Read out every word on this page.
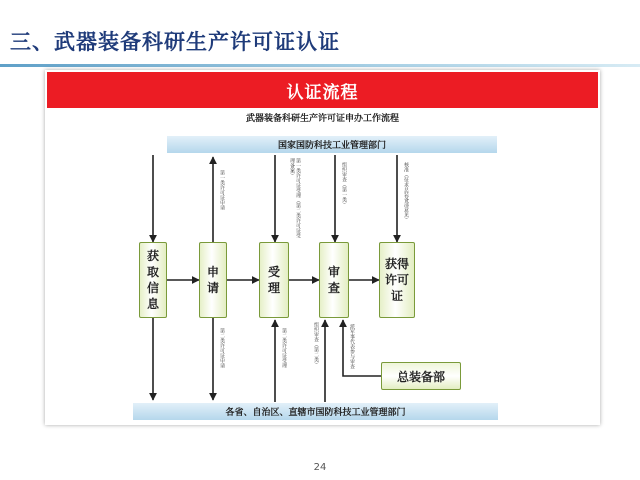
三、武器装备科研生产许可证认证
认证流程
武器装备科研生产许可证申办工作流程
国家国防科技工业管理部门
各省、自治区、直辖市国防科技工业管理部门
获取信息
申请
受理
审查
获得许可证
总装备部
第一类许可证申请	第一类许可证受理（第二类许可证受理备案）	组织审查（第一类）	核准（征求总装备部意见）
第二类许可证申请	第二类许可证受理	组织审查（第二类）	派军事代表参与审查
24
